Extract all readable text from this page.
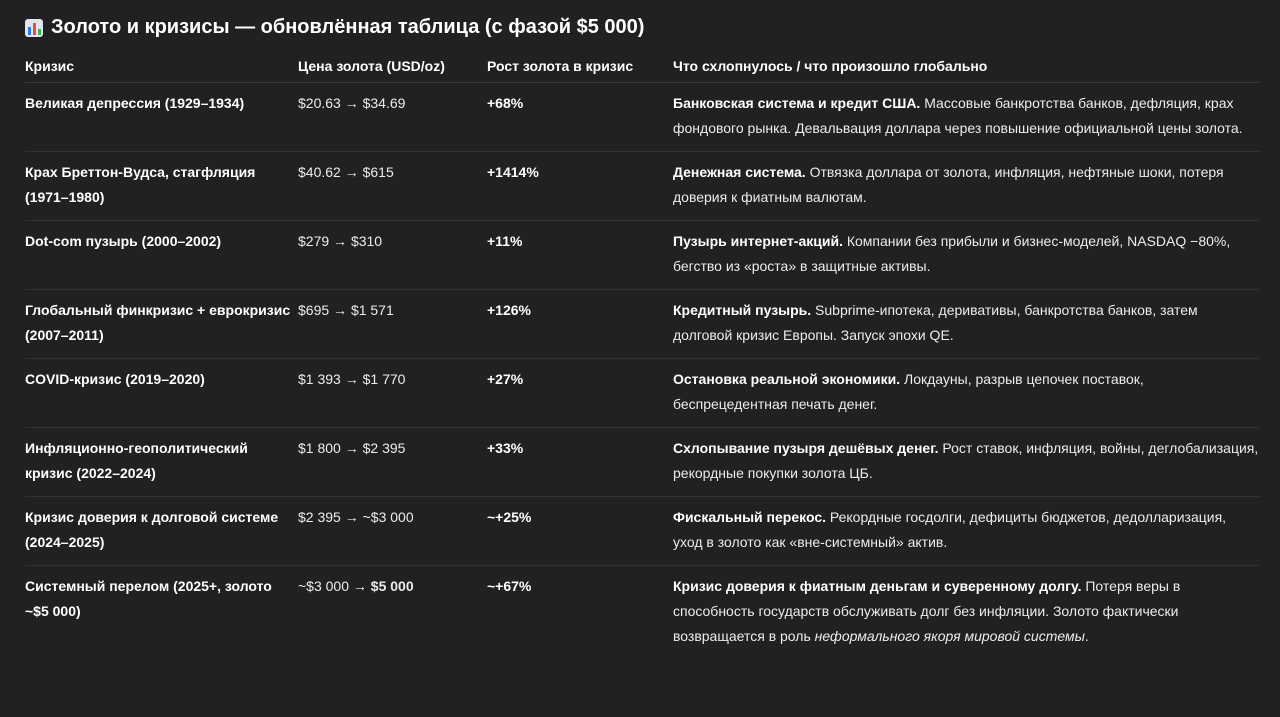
Золото и кризисы — обновлённая таблица (с фазой $5 000)
Кризис	Цена золота (USD/oz)	Рост золота в кризис	Что схлопнулось / что произошло глобально
Великая депрессия (1929–1934)	$20.63 → $34.69	+68%	Банковская система и кредит США. Массовые банкротства банков, дефляция, крах фондового рынка. Девальвация доллара через повышение официальной цены золота.
Крах Бреттон-Вудса, стагфляция (1971–1980)	$40.62 → $615	+1414%	Денежная система. Отвязка доллара от золота, инфляция, нефтяные шоки, потеря доверия к фиатным валютам.
Dot-com пузырь (2000–2002)	$279 → $310	+11%	Пузырь интернет-акций. Компании без прибыли и бизнес-моделей, NASDAQ −80%, бегство из «роста» в защитные активы.
Глобальный финкризис + еврокризис (2007–2011)	$695 → $1 571	+126%	Кредитный пузырь. Subprime-ипотека, деривативы, банкротства банков, затем долговой кризис Европы. Запуск эпохи QE.
COVID-кризис (2019–2020)	$1 393 → $1 770	+27%	Остановка реальной экономики. Локдауны, разрыв цепочек поставок, беспрецедентная печать денег.
Инфляционно-геополитический кризис (2022–2024)	$1 800 → $2 395	+33%	Схлопывание пузыря дешёвых денег. Рост ставок, инфляция, войны, деглобализация, рекордные покупки золота ЦБ.
Кризис доверия к долговой системе (2024–2025)	$2 395 → ~$3 000	~+25%	Фискальный перекос. Рекордные госдолги, дефициты бюджетов, дедолларизация, уход в золото как «вне-системный» актив.
Системный перелом (2025+, золото ~$5 000)	~$3 000 → $5 000	~+67%	Кризис доверия к фиатным деньгам и суверенному долгу. Потеря веры в способность государств обслуживать долг без инфляции. Золото фактически возвращается в роль неформального якоря мировой системы.
